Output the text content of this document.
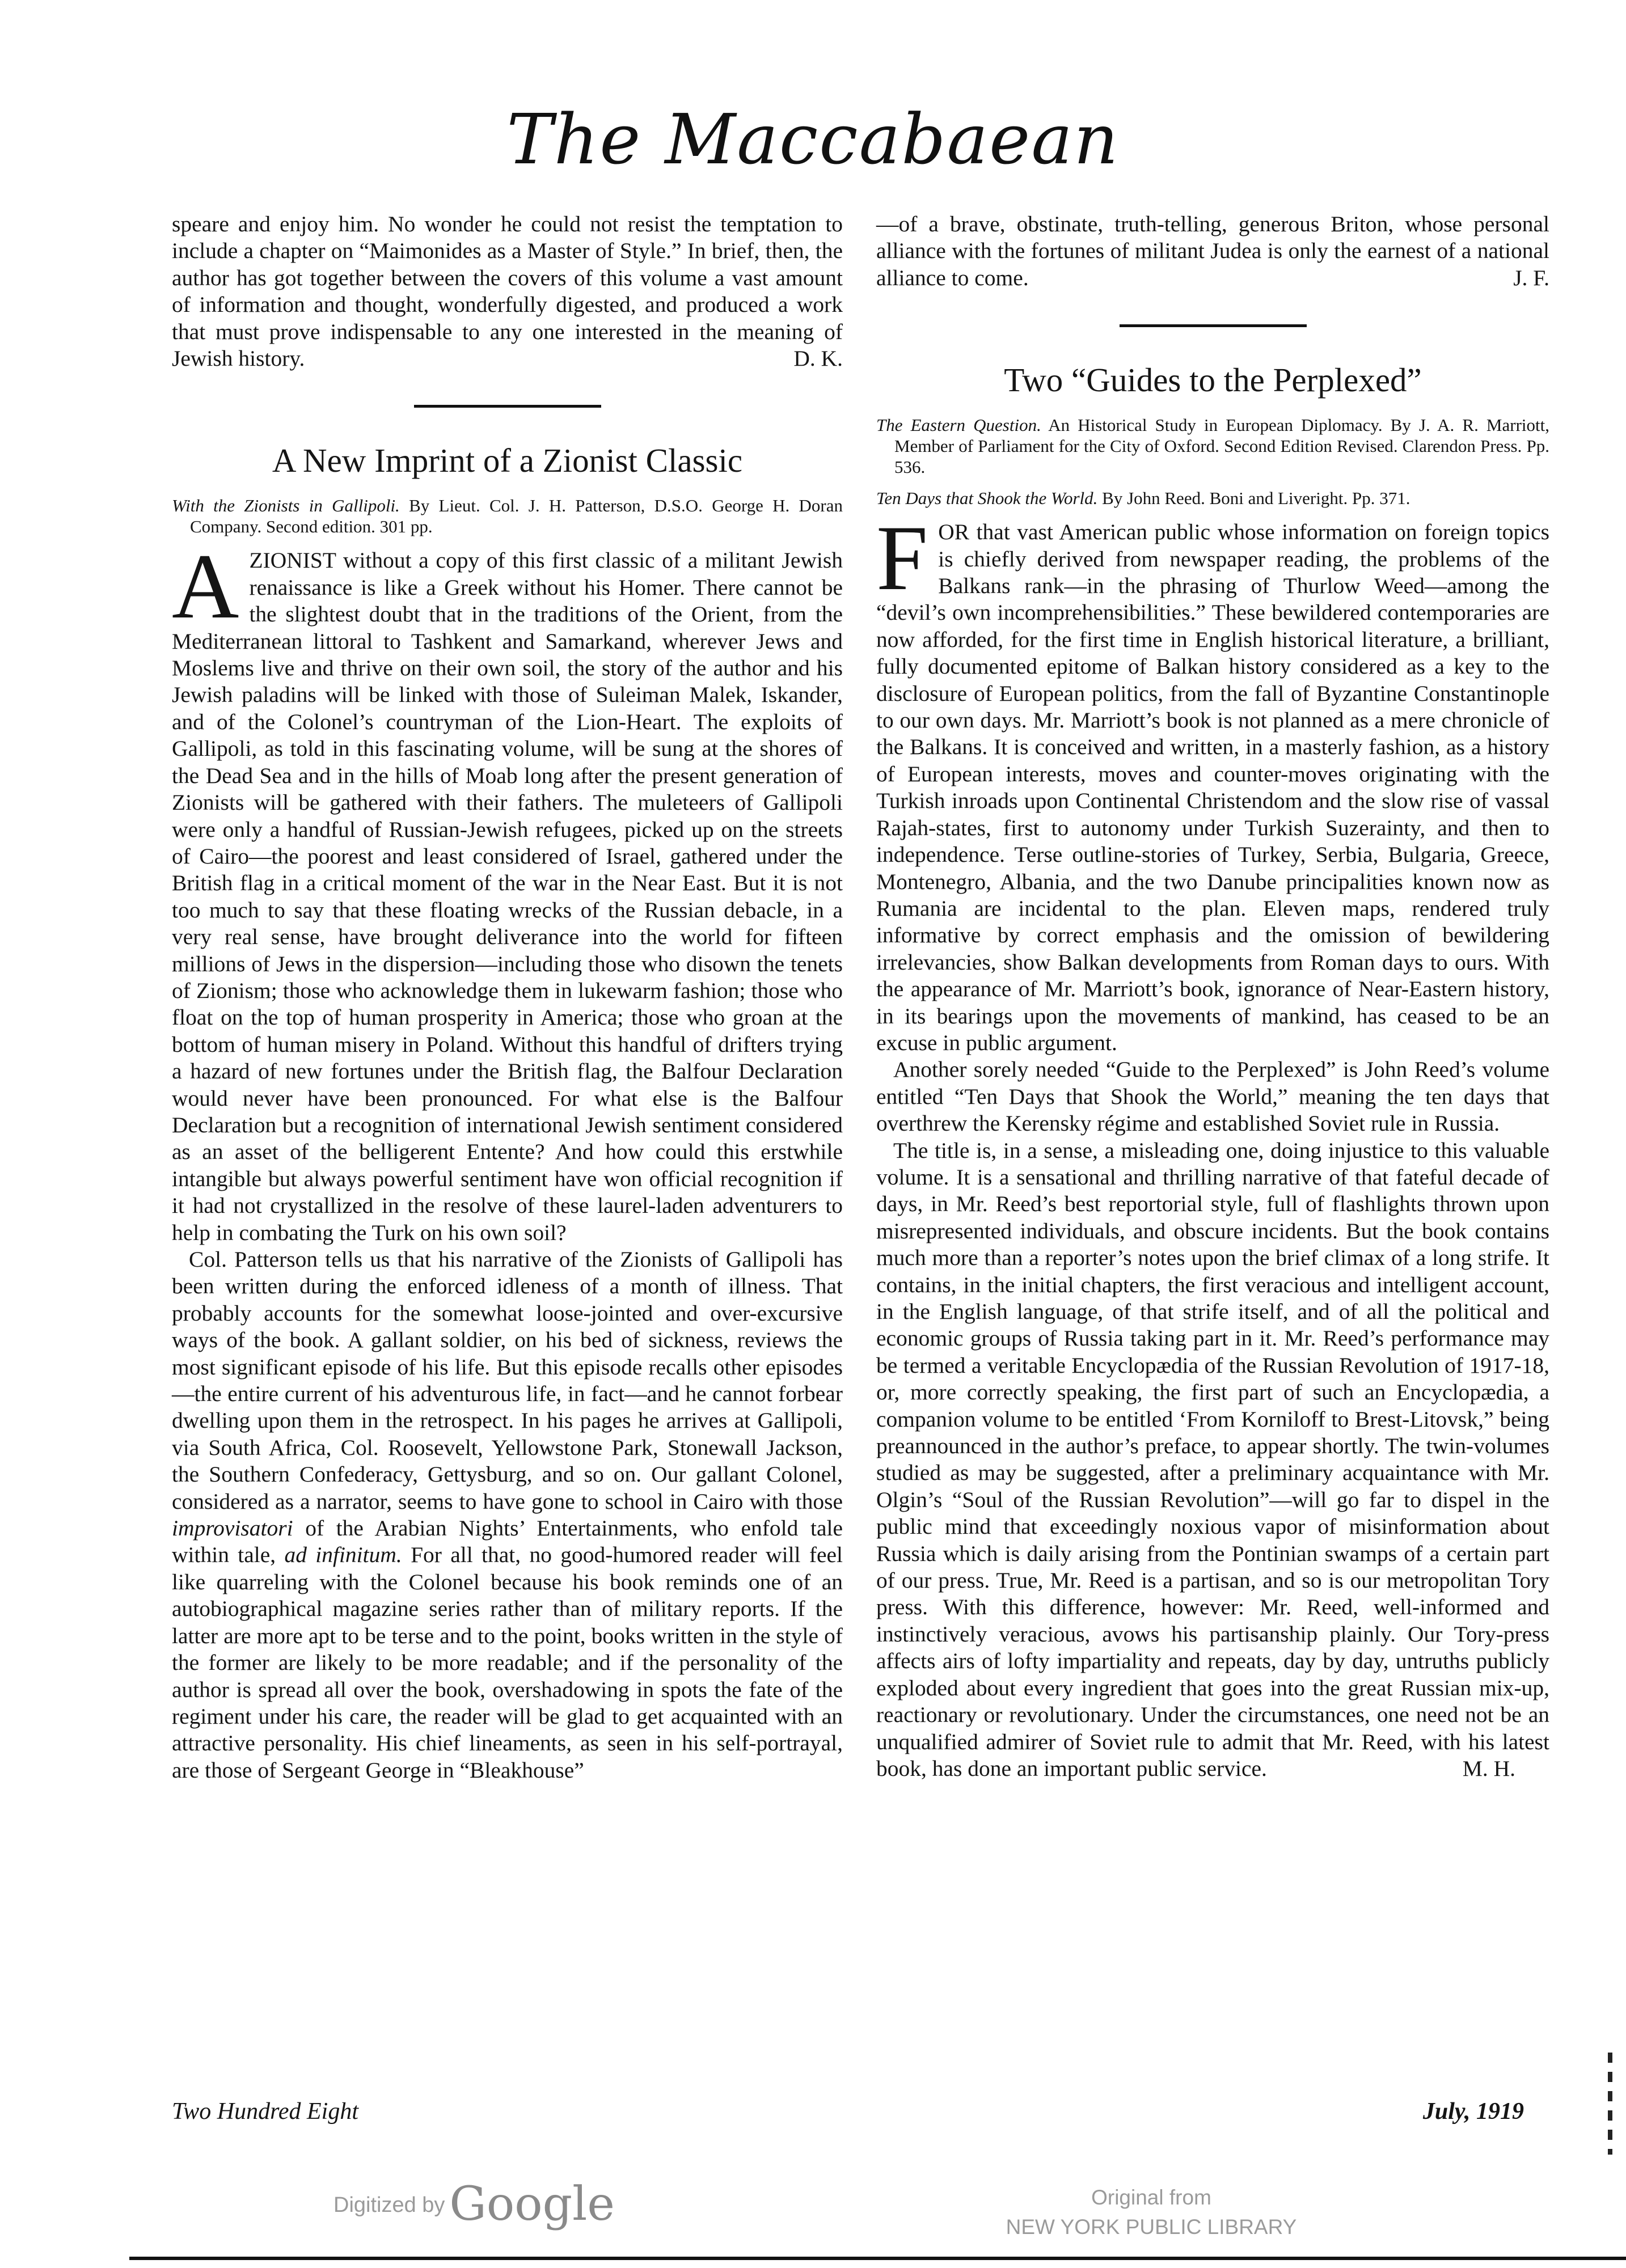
The Maccabaean

speare and enjoy him. No wonder he could not resist the temptation to include a chapter on “Maimonides as a Master of Style.” In brief, then, the author has got together between the covers of this volume a vast amount of information and thought, wonderfully digested, and produced a work that must prove indispensable to any one interested in the meaning of Jewish history.	D. K.

A New Imprint of a Zionist Classic
With the Zionists in Gallipoli. By Lieut. Col. J. H. Patterson, D.S.O. George H. Doran Company. Second edition. 301 pp.

AZIONIST without a copy of this first classic of a militant Jewish renaissance is like a Greek without his Homer. There cannot be the slightest doubt that in the traditions of the Orient, from the Mediterranean littoral to Tashkent and Samarkand, wherever Jews and Moslems live and thrive on their own soil, the story of the author and his Jewish paladins will be linked with those of Suleiman Malek, Iskander, and of the Colonel’s countryman of the Lion-Heart. The exploits of Gallipoli, as told in this fascinating volume, will be sung at the shores of the Dead Sea and in the hills of Moab long after the present generation of Zionists will be gathered with their fathers. The muleteers of Gallipoli were only a handful of Russian-Jewish refugees, picked up on the streets of Cairo—the poorest and least considered of Israel, gathered under the British flag in a critical moment of the war in the Near East. But it is not too much to say that these floating wrecks of the Russian debacle, in a very real sense, have brought deliverance into the world for fifteen millions of Jews in the dispersion—including those who disown the tenets of Zionism; those who acknowledge them in lukewarm fashion; those who float on the top of human prosperity in America; those who groan at the bottom of human misery in Poland. Without this handful of drifters trying a hazard of new fortunes under the British flag, the Balfour Declaration would never have been pronounced. For what else is the Balfour Declaration but a recognition of international Jewish sentiment considered as an asset of the belligerent Entente? And how could this erstwhile intangible but always powerful sentiment have won official recognition if it had not crystallized in the resolve of these laurel-laden adventurers to help in combating the Turk on his own soil?

Col. Patterson tells us that his narrative of the Zionists of Gallipoli has been written during the enforced idleness of a month of illness. That probably accounts for the somewhat loose-jointed and over-excursive ways of the book. A gallant soldier, on his bed of sickness, reviews the most significant episode of his life. But this episode recalls other episodes—the entire current of his adventurous life, in fact—and he cannot forbear dwelling upon them in the retrospect. In his pages he arrives at Gallipoli, via South Africa, Col. Roosevelt, Yellowstone Park, Stonewall Jackson, the Southern Confederacy, Gettysburg, and so on. Our gallant Colonel, considered as a narrator, seems to have gone to school in Cairo with those improvisatori of the Arabian Nights’ Entertainments, who enfold tale within tale, ad infinitum. For all that, no good-humored reader will feel like quarreling with the Colonel because his book reminds one of an autobiographical magazine series rather than of military reports. If the latter are more apt to be terse and to the point, books written in the style of the former are likely to be more readable; and if the personality of the author is spread all over the book, overshadowing in spots the fate of the regiment under his care, the reader will be glad to get acquainted with an attractive personality. His chief lineaments, as seen in his self-portrayal, are those of Sergeant George in “Bleakhouse”

—of a brave, obstinate, truth-telling, generous Briton, whose personal alliance with the fortunes of militant Judea is only the earnest of a national alliance to come.	J. F.

Two “Guides to the Perplexed”
The Eastern Question. An Historical Study in European Diplomacy. By J. A. R. Marriott, Member of Parliament for the City of Oxford. Second Edition Revised. Clarendon Press. Pp. 536.
Ten Days that Shook the World. By John Reed. Boni and Liveright. Pp. 371.

FOR that vast American public whose information on foreign topics is chiefly derived from newspaper reading, the problems of the Balkans rank—in the phrasing of Thurlow Weed—among the “devil’s own incomprehensibilities.” These bewildered contemporaries are now afforded, for the first time in English historical literature, a brilliant, fully documented epitome of Balkan history considered as a key to the disclosure of European politics, from the fall of Byzantine Constantinople to our own days. Mr. Marriott’s book is not planned as a mere chronicle of the Balkans. It is conceived and written, in a masterly fashion, as a history of European interests, moves and counter-moves originating with the Turkish inroads upon Continental Christendom and the slow rise of vassal Rajah-states, first to autonomy under Turkish Suzerainty, and then to independence. Terse outline-stories of Turkey, Serbia, Bulgaria, Greece, Montenegro, Albania, and the two Danube principalities known now as Rumania are incidental to the plan. Eleven maps, rendered truly informative by correct emphasis and the omission of bewildering irrelevancies, show Balkan developments from Roman days to ours. With the appearance of Mr. Marriott’s book, ignorance of Near-Eastern history, in its bearings upon the movements of mankind, has ceased to be an excuse in public argument.

Another sorely needed “Guide to the Perplexed” is John Reed’s volume entitled “Ten Days that Shook the World,” meaning the ten days that overthrew the Kerensky régime and established Soviet rule in Russia.

The title is, in a sense, a misleading one, doing injustice to this valuable volume. It is a sensational and thrilling narrative of that fateful decade of days, in Mr. Reed’s best reportorial style, full of flashlights thrown upon misrepresented individuals, and obscure incidents. But the book contains much more than a reporter’s notes upon the brief climax of a long strife. It contains, in the initial chapters, the first veracious and intelligent account, in the English language, of that strife itself, and of all the political and economic groups of Russia taking part in it. Mr. Reed’s performance may be termed a veritable Encyclopædia of the Russian Revolution of 1917-18, or, more correctly speaking, the first part of such an Encyclopædia, a companion volume to be entitled ‘From Korniloff to Brest-Litovsk,” being preannounced in the author’s preface, to appear shortly. The twin-volumes studied as may be suggested, after a preliminary acquaintance with Mr. Olgin’s “Soul of the Russian Revolution”—will go far to dispel in the public mind that exceedingly noxious vapor of misinformation about Russia which is daily arising from the Pontinian swamps of a certain part of our press. True, Mr. Reed is a partisan, and so is our metropolitan Tory press. With this difference, however: Mr. Reed, well-informed and instinctively veracious, avows his partisanship plainly. Our Tory-press affects airs of lofty impartiality and repeats, day by day, untruths publicly exploded about every ingredient that goes into the great Russian mix-up, reactionary or revolutionary. Under the circumstances, one need not be an unqualified admirer of Soviet rule to admit that Mr. Reed, with his latest book, has done an important public service.	M. H.

Two Hundred Eight	July, 1919
Digitized byGoogle	Original from
NEW YORK PUBLIC LIBRARY
